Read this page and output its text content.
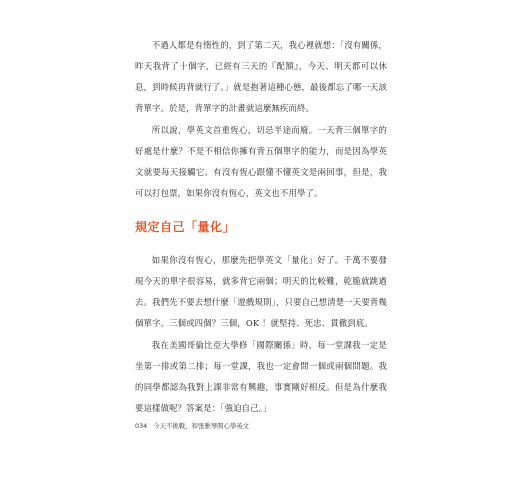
不過人都是有惰性的，到了第二天，我心裡就想：「沒有關係，昨天我背了十個字，已經有三天的『配額』，今天、明天都可以休息，到時候再背就行了。」就是抱著這種心態，最後都忘了哪一天該背單字。於是，背單字的計畫就這麼無疾而終。

所以說，學英文首重恆心，切忌半途而廢。一天背三個單字的好處是什麼？不是不相信你擁有背五個單字的能力，而是因為學英文就要每天接觸它。有沒有恆心跟懂不懂英文是兩回事，但是，我可以打包票，如果你沒有恆心，英文也不用學了。

規定自己「量化」

如果你沒有恆心，那麼先把學英文「量化」好了。千萬不要發現今天的單字很容易，就多背它兩個；明天的比較難，乾脆就跳過去。我們先不要去想什麼「遊戲規則」，只要自己想清楚一天要背幾個單字。三個或四個？三個，OK ！就堅持、死忠、貫徹到底。

我在美國哥倫比亞大學修「國際關係」時，每一堂課我一定是坐第一排或第二排；每一堂課，我也一定會問一個或兩個問題。我的同學都認為我對上課非常有興趣，事實剛好相反。但是為什麼我要這樣做呢？答案是：「強迫自己。」

034 今天不挑戰，和張雅琴開心學英文
